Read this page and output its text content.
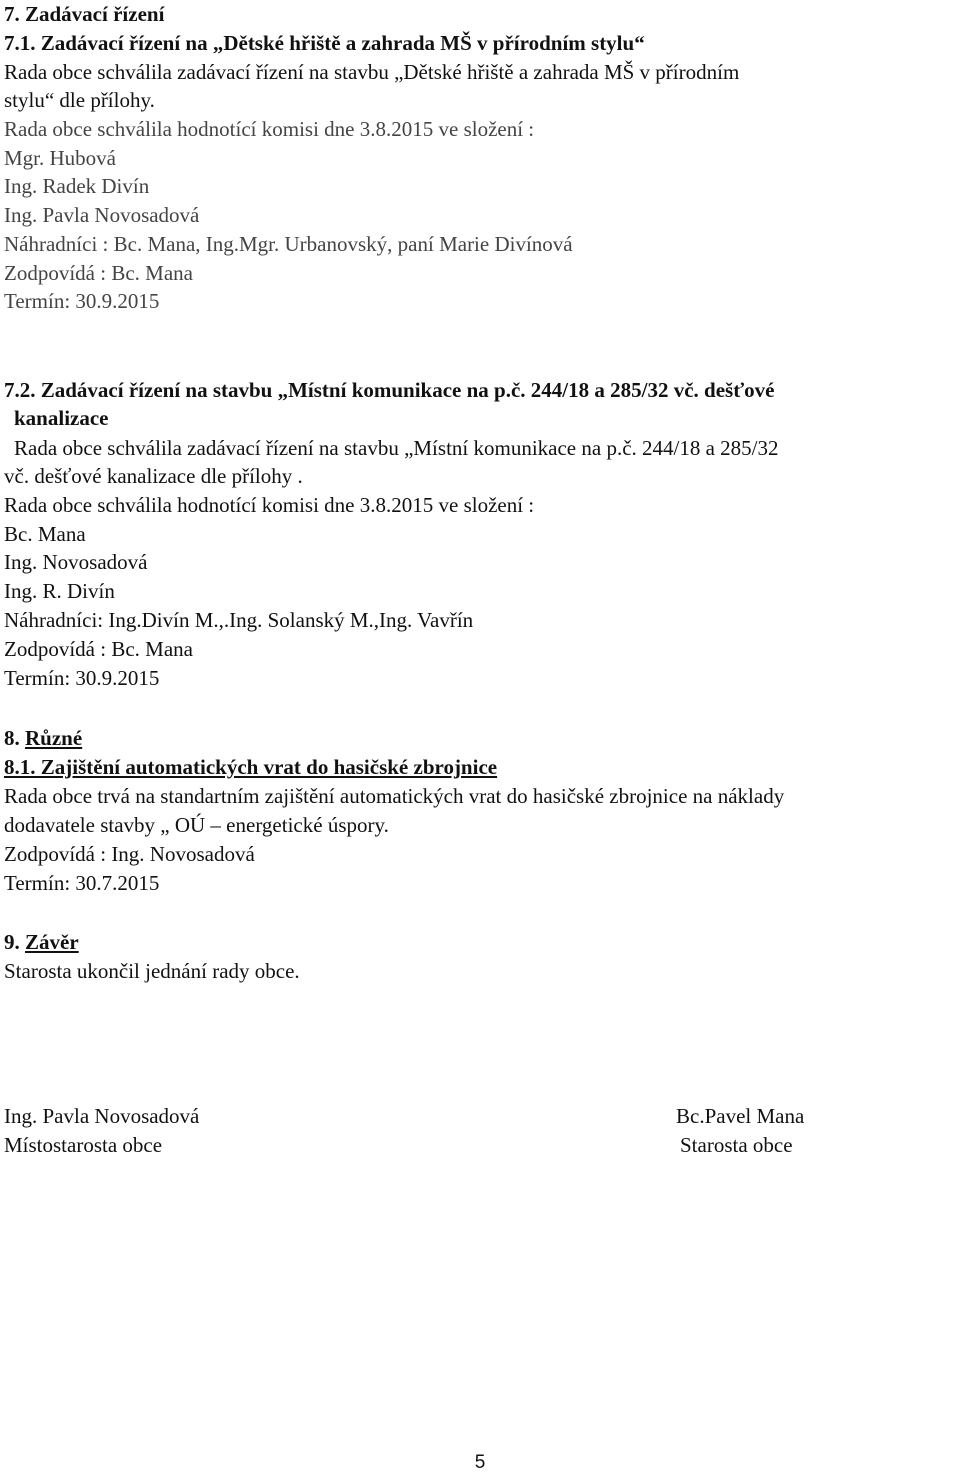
7. Zadávací řízení
7.1. Zadávací řízení na „Dětské hřiště a zahrada MŠ v přírodním stylu“
Rada obce schválila zadávací řízení na stavbu „Dětské hřiště a zahrada MŠ v přírodním
stylu“ dle přílohy.
Rada obce schválila hodnotící komisi dne 3.8.2015 ve složení :
Mgr. Hubová
Ing. Radek Divín
Ing. Pavla Novosadová
Náhradníci : Bc. Mana, Ing.Mgr. Urbanovský, paní Marie Divínová
Zodpovídá : Bc. Mana
Termín: 30.9.2015
7.2. Zadávací řízení na stavbu „Místní komunikace na p.č. 244/18 a 285/32 vč. dešťové
kanalizace
Rada obce schválila zadávací řízení na stavbu „Místní komunikace na p.č. 244/18 a 285/32
vč. dešťové kanalizace dle přílohy .
Rada obce schválila hodnotící komisi dne 3.8.2015 ve složení :
Bc. Mana
Ing. Novosadová
Ing. R. Divín
Náhradníci: Ing.Divín M.,.Ing. Solanský M.,Ing. Vavřín
Zodpovídá : Bc. Mana
Termín: 30.9.2015
8. Různé
8.1. Zajištění automatických vrat do hasičské zbrojnice
Rada obce trvá na standartním zajištění automatických vrat do hasičské zbrojnice na náklady
dodavatele stavby „ OÚ – energetické úspory.
Zodpovídá : Ing. Novosadová
Termín: 30.7.2015
9. Závěr
Starosta ukončil jednání rady obce.
Ing. Pavla Novosadová
Místostarosta obce
Bc.Pavel Mana
Starosta obce
5
